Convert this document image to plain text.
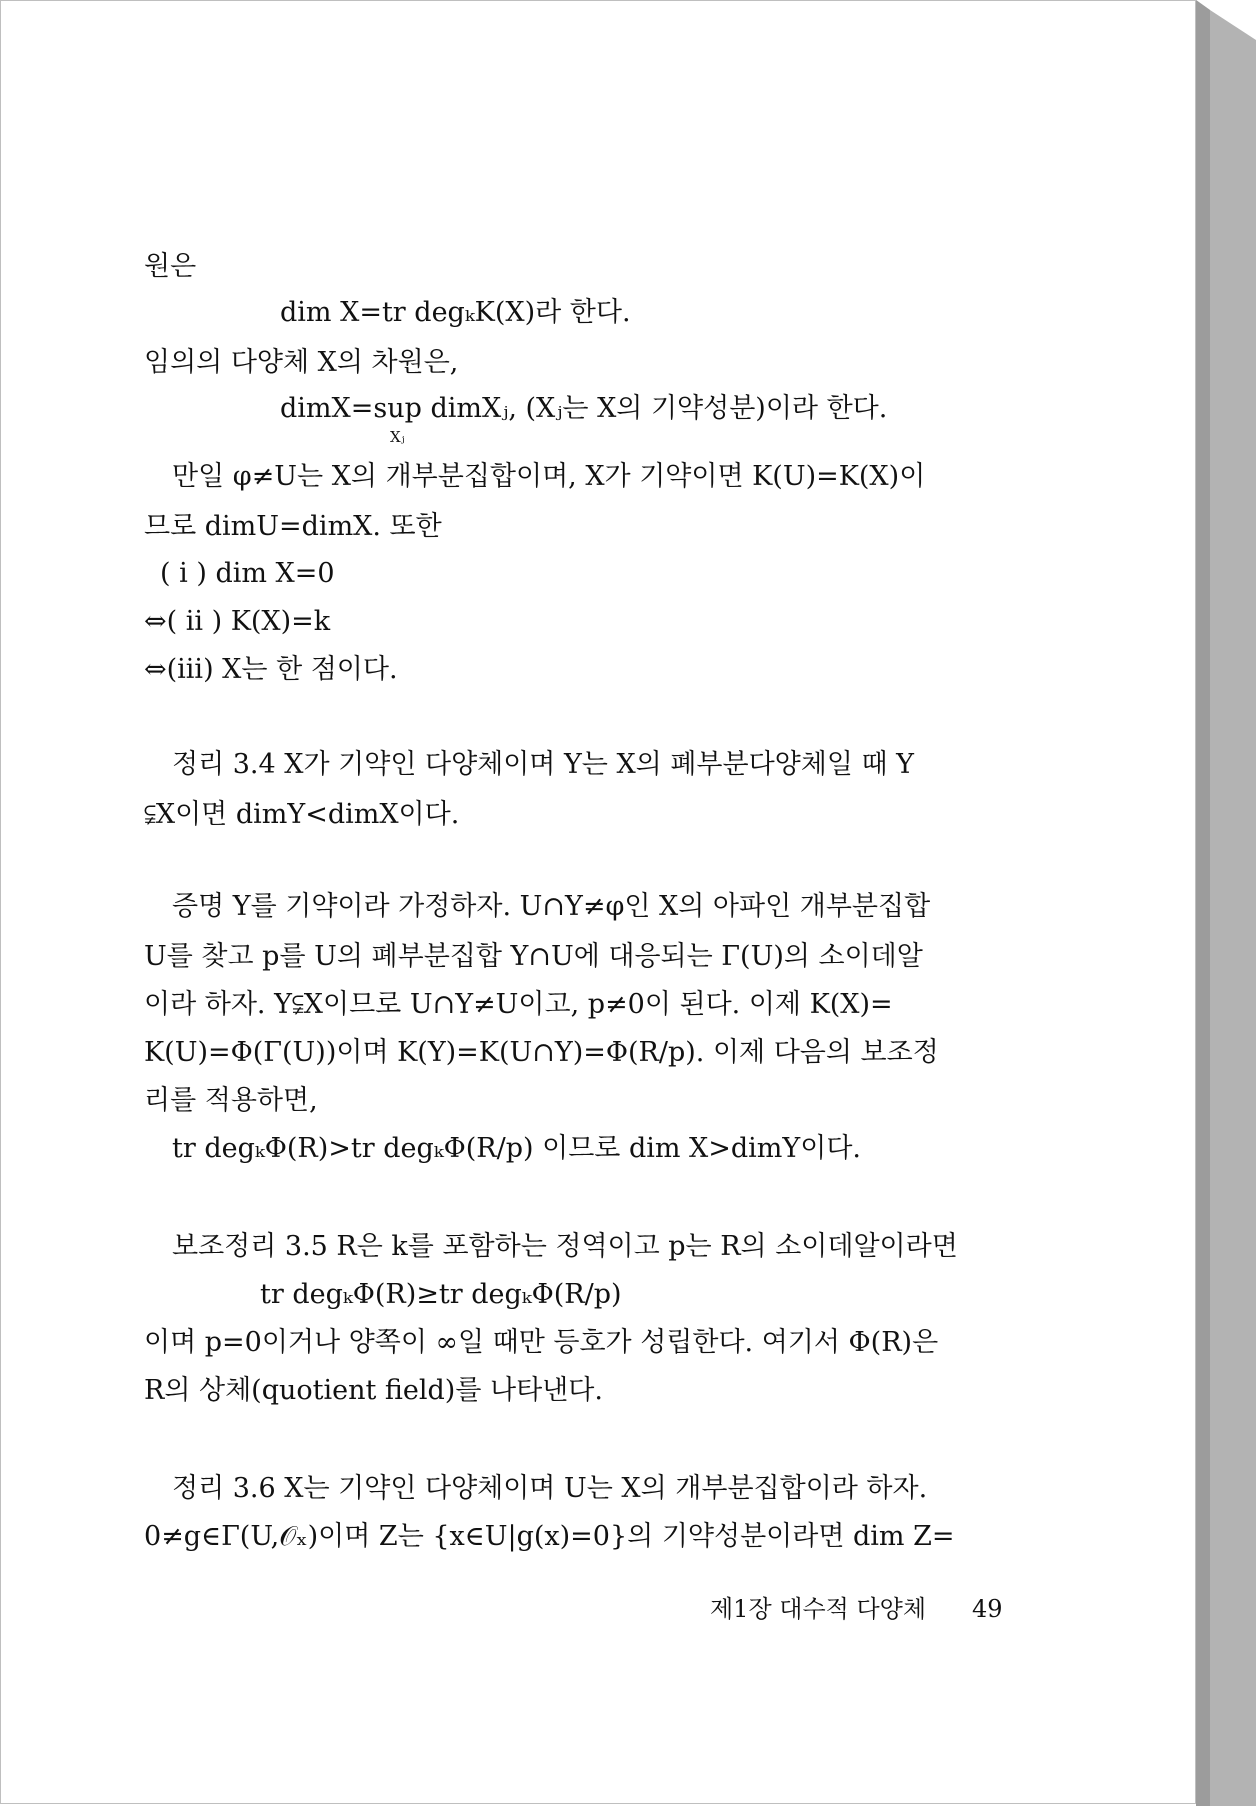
원은
dim X=tr degₖK(X)라 한다.
임의의 다양체 X의 차원은,
dimX=sup dimXⱼ, (Xⱼ는 X의 기약성분)이라 한다.
Xⱼ
만일 φ≠U는 X의 개부분집합이며, X가 기약이면 K(U)=K(X)이
므로 dimU=dimX. 또한
( i ) dim X=0
⇔( ii ) K(X)=k
⇔(iii) X는 한 점이다.
정리 3.4 X가 기약인 다양체이며 Y는 X의 폐부분다양체일 때 Y
⫋X이면 dimY<dimX이다.
증명 Y를 기약이라 가정하자. U∩Y≠φ인 X의 아파인 개부분집합
U를 찾고 p를 U의 폐부분집합 Y∩U에 대응되는 Γ(U)의 소이데알
이라 하자. Y⫋X이므로 U∩Y≠U이고, p≠0이 된다. 이제 K(X)=
K(U)=Φ(Γ(U))이며 K(Y)=K(U∩Y)=Φ(R/p). 이제 다음의 보조정
리를 적용하면,
tr degₖΦ(R)>tr degₖΦ(R/p) 이므로 dim X>dimY이다.
보조정리 3.5 R은 k를 포함하는 정역이고 p는 R의 소이데알이라면
tr degₖΦ(R)≥tr degₖΦ(R/p)
이며 p=0이거나 양쪽이 ∞일 때만 등호가 성립한다. 여기서 Φ(R)은
R의 상체(quotient field)를 나타낸다.
정리 3.6 X는 기약인 다양체이며 U는 X의 개부분집합이라 하자.
0≠g∈Γ(U,𝒪ₓ)이며 Z는 {x∈U|g(x)=0}의 기약성분이라면 dim Z=
제1장 대수적 다양체 49
